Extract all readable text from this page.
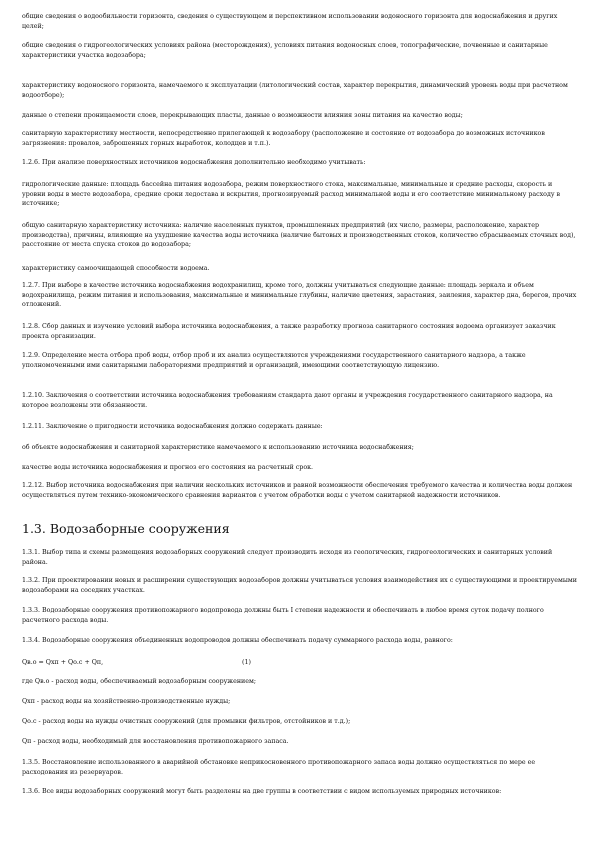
общие сведения о водообильности горизонта, сведения о существующем и перспективном использовании водоносного горизонта для водоснабжения и других целей;

общие сведения о гидрогеологических условиях района (месторождения), условиях питания водоносных слоев, топографические, почвенные и санитарные характеристики участка водозабора;

характеристику водоносного горизонта, намечаемого к эксплуатации (литологический состав, характер перекрытия, динамический уровень воды при расчетном водоотборе);

данные о степени проницаемости слоев, перекрывающих пласты, данные о возможности влияния зоны питания на качество воды;

санитарную характеристику местности, непосредственно прилегающей к водозабору (расположение и состояние от водозабора до возможных источников загрязнения: провалов, заброшенных горных выработок, колодцев и т.п.).

1.2.6. При анализе поверхностных источников водоснабжения дополнительно необходимо учитывать:

гидрологические данные: площадь бассейна питания водозабора, режим поверхностного стока, максимальные, минимальные и средние расходы, скорость и уровни воды в месте водозабора, средние сроки ледостава и вскрытия, прогнозируемый расход минимальной воды и его соответствие минимальному расходу в источнике;

общую санитарную характеристику источника: наличие населенных пунктов, промышленных предприятий (их число, размеры, расположение, характер производства), причины, влияющие на ухудшение качества воды источника (наличие бытовых и производственных стоков, количество сбрасываемых сточных вод), расстояние от места спуска стоков до водозабора;

характеристику самоочищающей способности водоема.

1.2.7. При выборе в качестве источника водоснабжения водохранилищ, кроме того, должны учитываться следующие данные: площадь зеркала и объем водохранилища, режим питания и использования, максимальные и минимальные глубины, наличие цветения, зарастания, заиления, характер дна, берегов, прочих отложений.

1.2.8. Сбор данных и изучение условий выбора источника водоснабжения, а также разработку прогноза санитарного состояния водоема организует заказчик проекта организации.

1.2.9. Определение места отбора проб воды, отбор проб и их анализ осуществляются учреждениями государственного санитарного надзора, а также уполномоченными ими санитарными лабораториями предприятий и организаций, имеющими соответствующую лицензию.

1.2.10. Заключения о соответствии источника водоснабжения требованиям стандарта дают органы и учреждения государственного санитарного надзора, на которое возложены эти обязанности.

1.2.11. Заключение о пригодности источника водоснабжения должно содержать данные:

об объекте водоснабжения и санитарной характеристике намечаемого к использованию источника водоснабжения;

качестве воды источника водоснабжения и прогноз его состояния на расчетный срок.

1.2.12. Выбор источника водоснабжения при наличии нескольких источников и равной возможности обеспечения требуемого качества и количества воды должен осуществляться путем технико-экономического сравнения вариантов с учетом обработки воды с учетом санитарной надежности источников.

1.3. Водозаборные сооружения

1.3.1. Выбор типа и схемы размещения водозаборных сооружений следует производить исходя из геологических, гидрогеологических и санитарных условий района.

1.3.2. При проектировании новых и расширении существующих водозаборов должны учитываться условия взаимодействия их с существующими и проектируемыми водозаборами на соседних участках.

1.3.3. Водозаборные сооружения противопожарного водопровода должны быть I степени надежности и обеспечивать в любое время суток подачу полного расчетного расхода воды.

1.3.4. Водозаборные сооружения объединенных водопроводов должны обеспечивать подачу суммарного расхода воды, равного:

Qв.о = Qхп + Qо.с + Qп,	(1)

где Qв.о - расход воды, обеспечиваемый водозаборным сооружением;

Qхп - расход воды на хозяйственно-производственные нужды;

Qо.с - расход воды на нужды очистных сооружений (для промывки фильтров, отстойников и т.д.);

Qп - расход воды, необходимый для восстановления противопожарного запаса.

1.3.5. Восстановление использованного в аварийной обстановке неприкосновенного противопожарного запаса воды должно осуществляться по мере ее расходования из резервуаров.

1.3.6. Все виды водозаборных сооружений могут быть разделены на две группы в соответствии с видом используемых природных источников:
